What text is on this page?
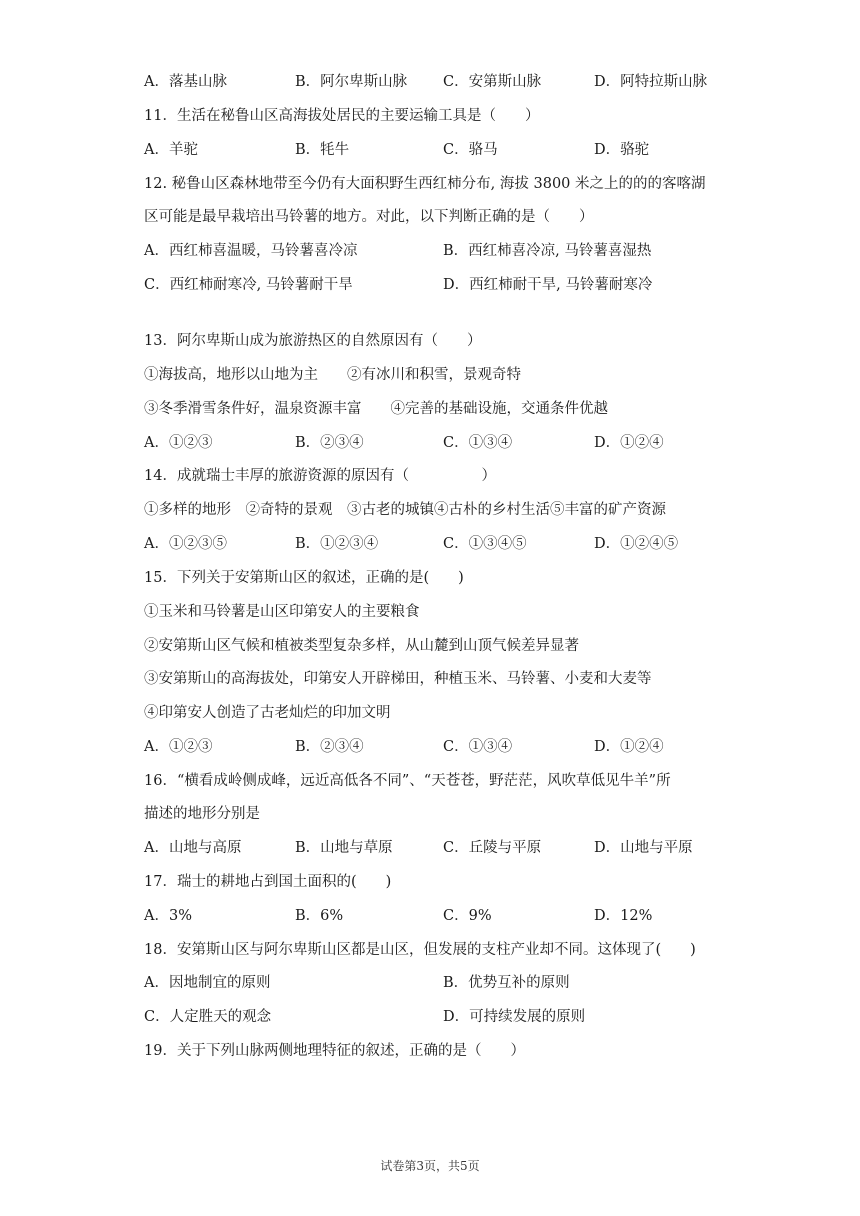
A．落基山脉	B．阿尔卑斯山脉 C．安第斯山脉	D．阿特拉斯山脉
11．生活在秘鲁山区高海拔处居民的主要运输工具是（　　）
A．羊驼	B．牦牛	C．骆马	D．骆驼
12. 秘鲁山区森林地带至今仍有大面积野生西红柿分布, 海拔 3800 米之上的的的客喀湖
区可能是最早栽培出马铃薯的地方。对此，以下判断正确的是（　　）
A．西红柿喜温暖，马铃薯喜冷凉	B．西红柿喜冷凉, 马铃薯喜湿热
C．西红柿耐寒冷, 马铃薯耐干旱	D．西红柿耐干旱, 马铃薯耐寒冷
13．阿尔卑斯山成为旅游热区的自然原因有（　　）
①海拔高，地形以山地为主　　②有冰川和积雪，景观奇特
③冬季滑雪条件好，温泉资源丰富　　④完善的基础设施，交通条件优越
A．①②③	B．②③④	C．①③④	D．①②④
14．成就瑞士丰厚的旅游资源的原因有（　　　　　）
①多样的地形　②奇特的景观　③古老的城镇④古朴的乡村生活⑤丰富的矿产资源
A．①②③⑤	B．①②③④	C．①③④⑤	D．①②④⑤
15．下列关于安第斯山区的叙述，正确的是(　　)
①玉米和马铃薯是山区印第安人的主要粮食
②安第斯山区气候和植被类型复杂多样，从山麓到山顶气候差异显著
③安第斯山的高海拔处，印第安人开辟梯田，种植玉米、马铃薯、小麦和大麦等
④印第安人创造了古老灿烂的印加文明
A．①②③	B．②③④	C．①③④	D．①②④
16．“横看成岭侧成峰，远近高低各不同”、“天苍苍，野茫茫，风吹草低见牛羊”所
描述的地形分别是
A．山地与高原	B．山地与草原	C．丘陵与平原	D．山地与平原
17．瑞士的耕地占到国土面积的(　　)
A．3%	B．6%	C．9%	D．12%
18．安第斯山区与阿尔卑斯山区都是山区，但发展的支柱产业却不同。这体现了(　　)
A．因地制宜的原则	B．优势互补的原则
C．人定胜天的观念	D．可持续发展的原则
19．关于下列山脉两侧地理特征的叙述，正确的是（　　）
试卷第3页，共5页
